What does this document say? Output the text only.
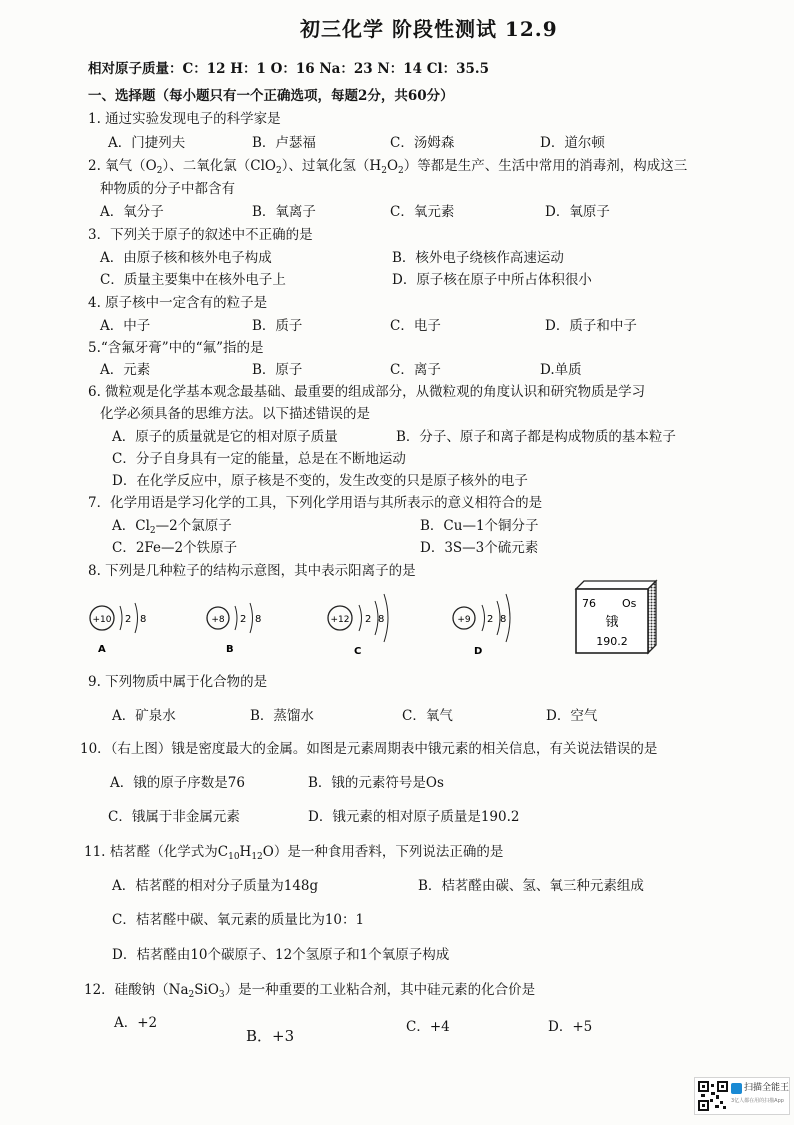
初三化学 阶段性测试 12.9
相对原子质量：C：12 H：1 O：16 Na：23 N：14 Cl：35.5
一、选择题（每小题只有一个正确选项，每题2分，共60分）
1. 通过实验发现电子的科学家是
A．门捷列夫	B．卢瑟福	C．汤姆森	D．道尔顿
2. 氧气$(O_2)$、二氧化氯（ClO$_2$）、过氧化氢$(H_2O_2)$等都是生产、生活中常用的消毒剂，构成这三
种物质的分子中都含有
A．氧分子	B．氧离子	C．氧元素	D．氧原子
3．下列关于原子的叙述中不正确的是
A．由原子核和核外电子构成	B．核外电子绕核作高速运动
C．质量主要集中在核外电子上	D．原子核在原子中所占体积很小
4. 原子核中一定含有的粒子是
A．中子	B．质子	C．电子	D．质子和中子
5.“含氟牙膏”中的“氟”指的是
A．元素	B．原子	C．离子	D.单质
6. 微粒观是化学基本观念最基础、最重要的组成部分，从微粒观的角度认识和研究物质是学习
化学必须具备的思维方法。以下描述错误的是
A．原子的质量就是它的相对原子质量	B．分子、原子和离子都是构成物质的基本粒子
C．分子自身具有一定的能量，总是在不断地运动
D．在化学反应中，原子核是不变的，发生改变的只是原子核外的电子
7．化学用语是学习化学的工具，下列化学用语与其所表示的意义相符合的是
A．$Cl_2—2$个氯原子	B．Cu—1个铜分子
C．2Fe—2个铁原子	D．3S—3个硫元素
8. 下列是几种粒子的结构示意图，其中表示阳离子的是
+10 2 8
A
+8 2 8
B
+12 2 8
C
+9 2 8
D
76 Os
锇
190.2
9. 下列物质中属于化合物的是
A．矿泉水	B．蒸馏水	C．氧气	D．空气
10．（右上图）锇是密度最大的金属。如图是元素周期表中锇元素的相关信息，有关说法错误的是
A．锇的原子序数是76	B．锇的元素符号是Os
C．锇属于非金属元素	D．锇元素的相对原子质量是190.2
11. 桔茗醛（化学式为$C_{10}H_{12}O$）是一种食用香料，下列说法正确的是
A．桔茗醛的相对分子质量为148g	B．桔茗醛由碳、氢、氧三种元素组成
C．桔茗醛中碳、氧元素的质量比为10：1
D．桔茗醛由10个碳原子、12个氢原子和1个氧原子构成
12．硅酸钠$(Na_2SiO_3)$是一种重要的工业粘合剂，其中硅元素的化合价是
A．+2
B．+3	C．+4	D．+5
扫描全能王
3亿人都在用的扫描App
